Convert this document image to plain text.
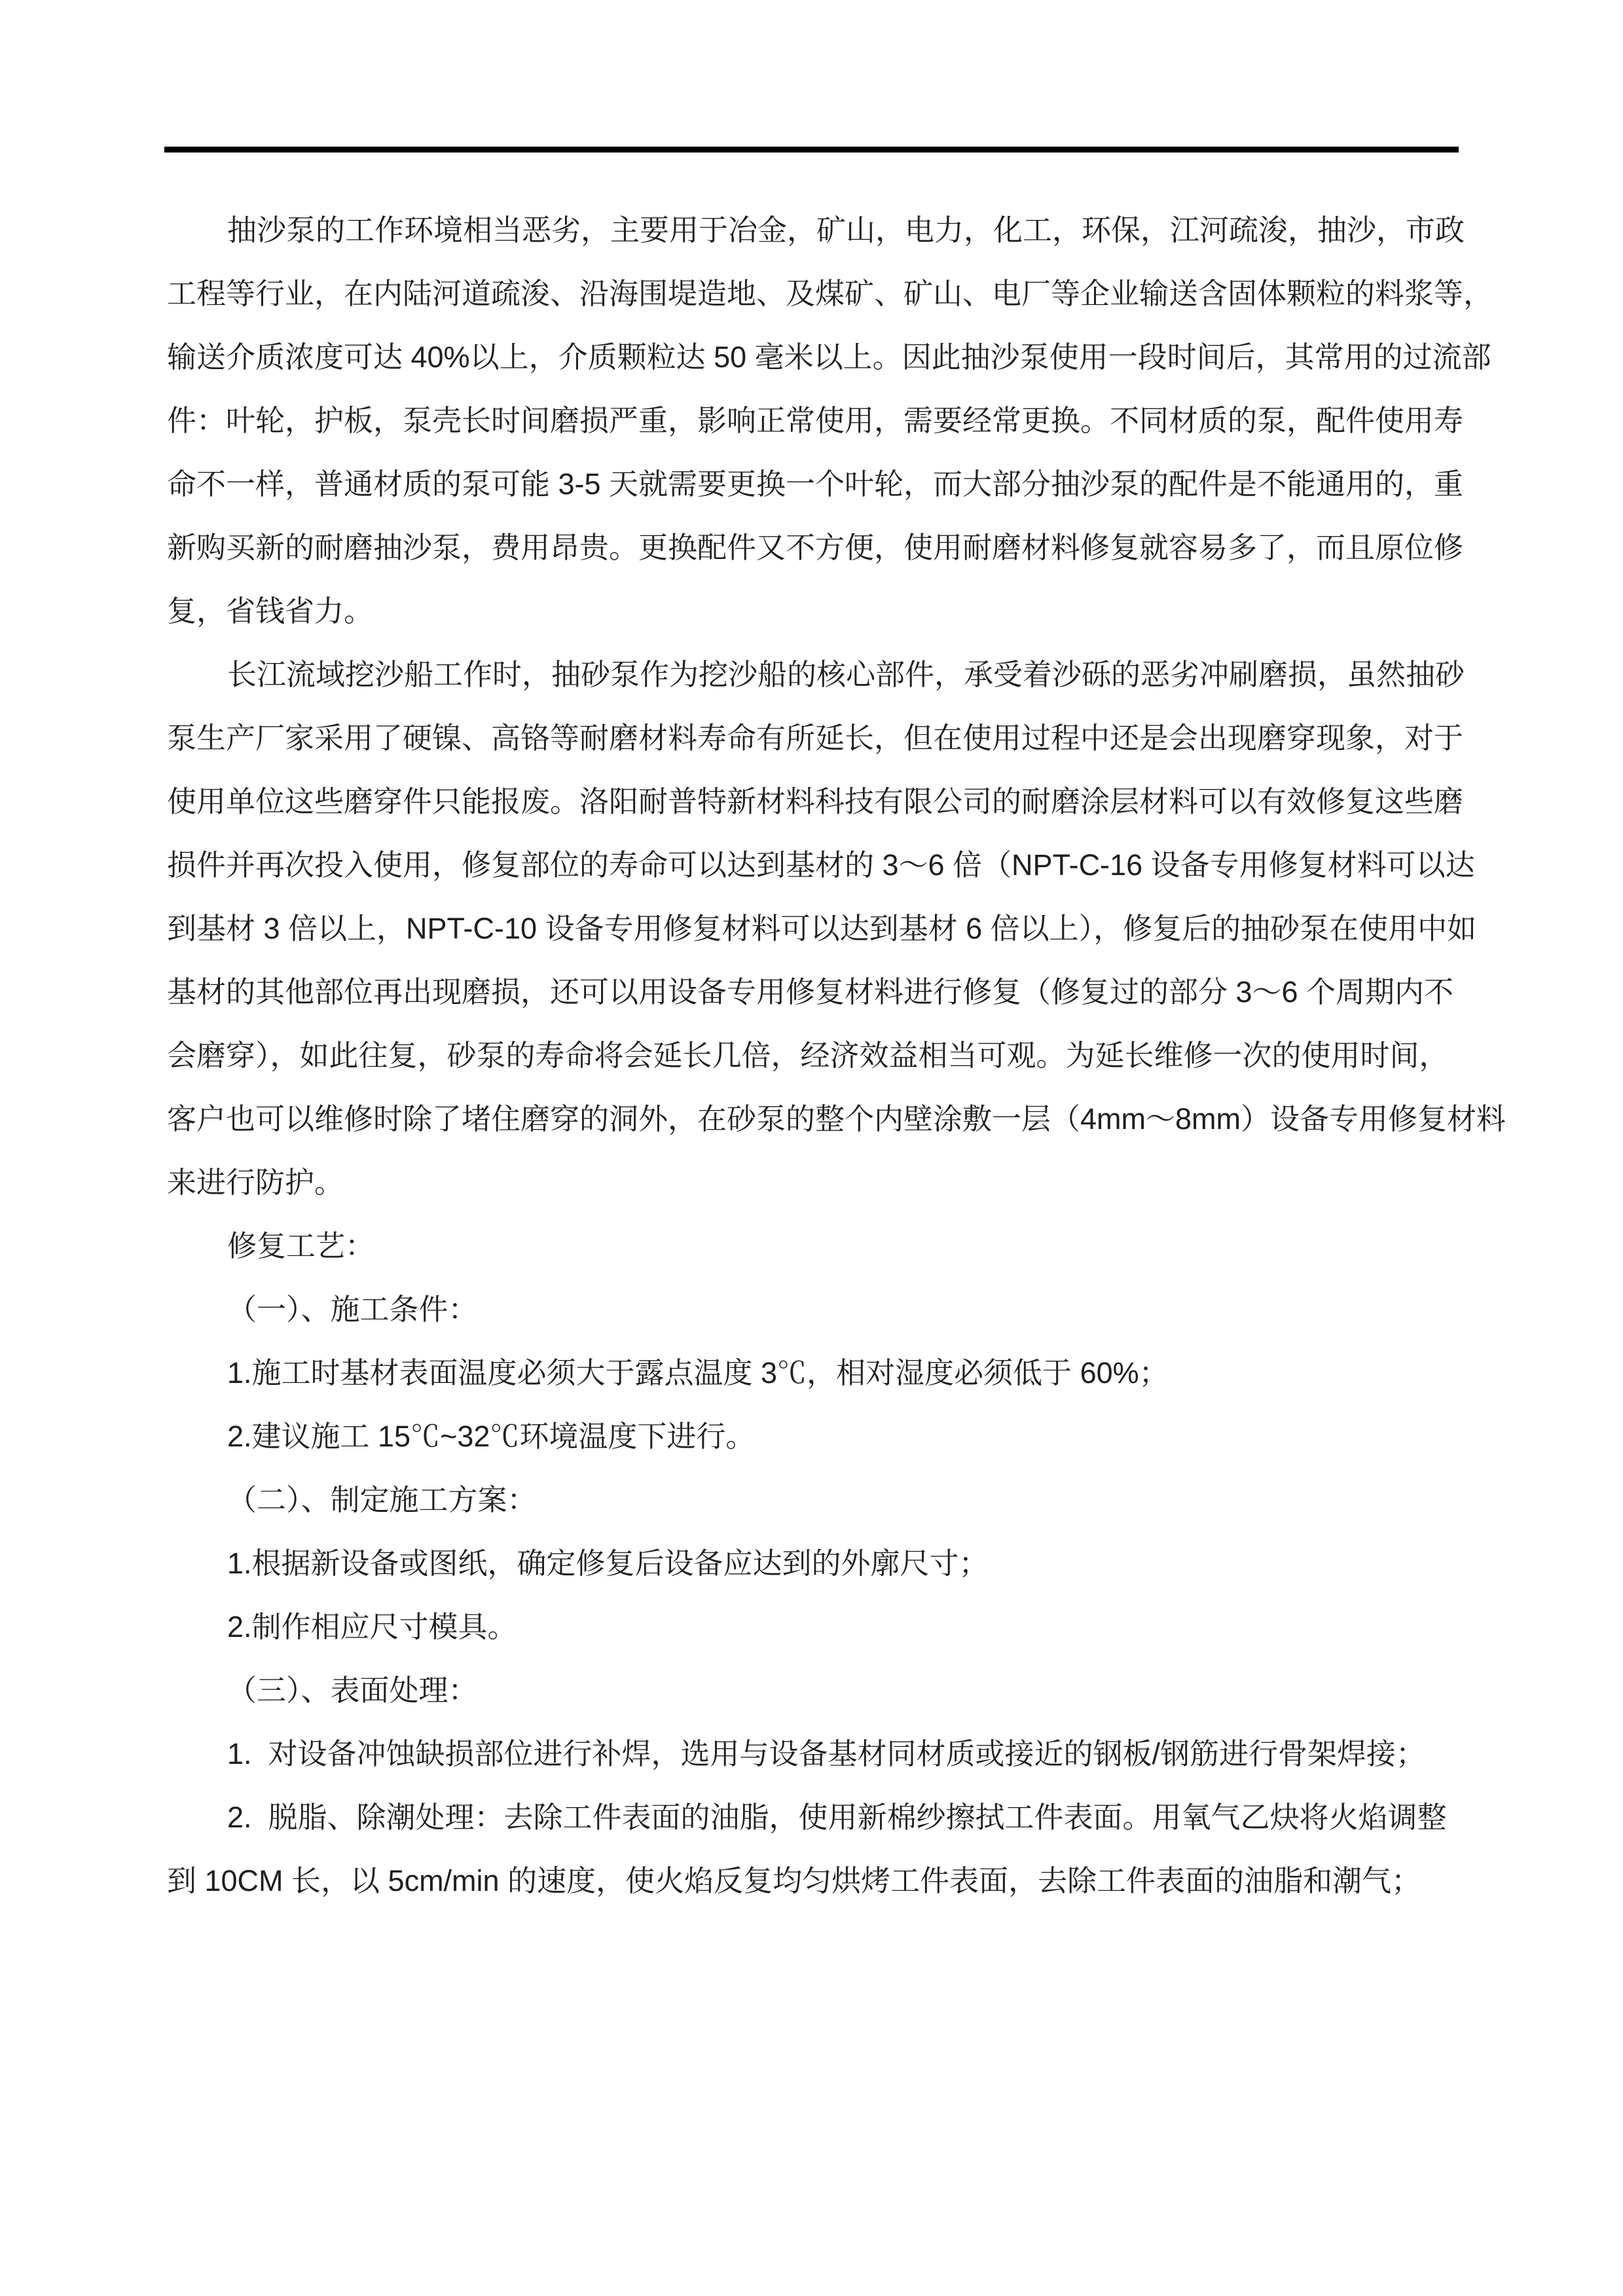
抽沙泵的工作环境相当恶劣，主要用于冶金，矿山，电力，化工，环保，江河疏浚，抽沙，市政
工程等行业，在内陆河道疏浚、沿海围堤造地、及煤矿、矿山、电厂等企业输送含固体颗粒的料浆等，
输送介质浓度可达 40%以上，介质颗粒达 50 毫米以上。因此抽沙泵使用一段时间后，其常用的过流部
件：叶轮，护板，泵壳长时间磨损严重，影响正常使用，需要经常更换。不同材质的泵，配件使用寿
命不一样，普通材质的泵可能 3-5 天就需要更换一个叶轮，而大部分抽沙泵的配件是不能通用的，重
新购买新的耐磨抽沙泵，费用昂贵。更换配件又不方便，使用耐磨材料修复就容易多了，而且原位修
复，省钱省力。
长江流域挖沙船工作时，抽砂泵作为挖沙船的核心部件，承受着沙砾的恶劣冲刷磨损，虽然抽砂
泵生产厂家采用了硬镍、高铬等耐磨材料寿命有所延长，但在使用过程中还是会出现磨穿现象，对于
使用单位这些磨穿件只能报废。洛阳耐普特新材料科技有限公司的耐磨涂层材料可以有效修复这些磨
损件并再次投入使用，修复部位的寿命可以达到基材的 3～6 倍（NPT-C-16 设备专用修复材料可以达
到基材 3 倍以上，NPT-C-10 设备专用修复材料可以达到基材 6 倍以上），修复后的抽砂泵在使用中如
基材的其他部位再出现磨损，还可以用设备专用修复材料进行修复（修复过的部分 3～6 个周期内不
会磨穿），如此往复，砂泵的寿命将会延长几倍，经济效益相当可观。为延长维修一次的使用时间，
客户也可以维修时除了堵住磨穿的洞外，在砂泵的整个内壁涂敷一层（4mm～8mm）设备专用修复材料
来进行防护。
修复工艺：
（一）、施工条件：
1.施工时基材表面温度必须大于露点温度 3℃，相对湿度必须低于 60%；
2.建议施工 15℃~32℃环境温度下进行。
（二）、制定施工方案：
1.根据新设备或图纸，确定修复后设备应达到的外廓尺寸；
2.制作相应尺寸模具。
（三）、表面处理：
1.  对设备冲蚀缺损部位进行补焊，选用与设备基材同材质或接近的钢板/钢筋进行骨架焊接；
2.  脱脂、除潮处理：去除工件表面的油脂，使用新棉纱擦拭工件表面。用氧气乙炔将火焰调整
到 10CM 长，以 5cm/min 的速度，使火焰反复均匀烘烤工件表面，去除工件表面的油脂和潮气；
